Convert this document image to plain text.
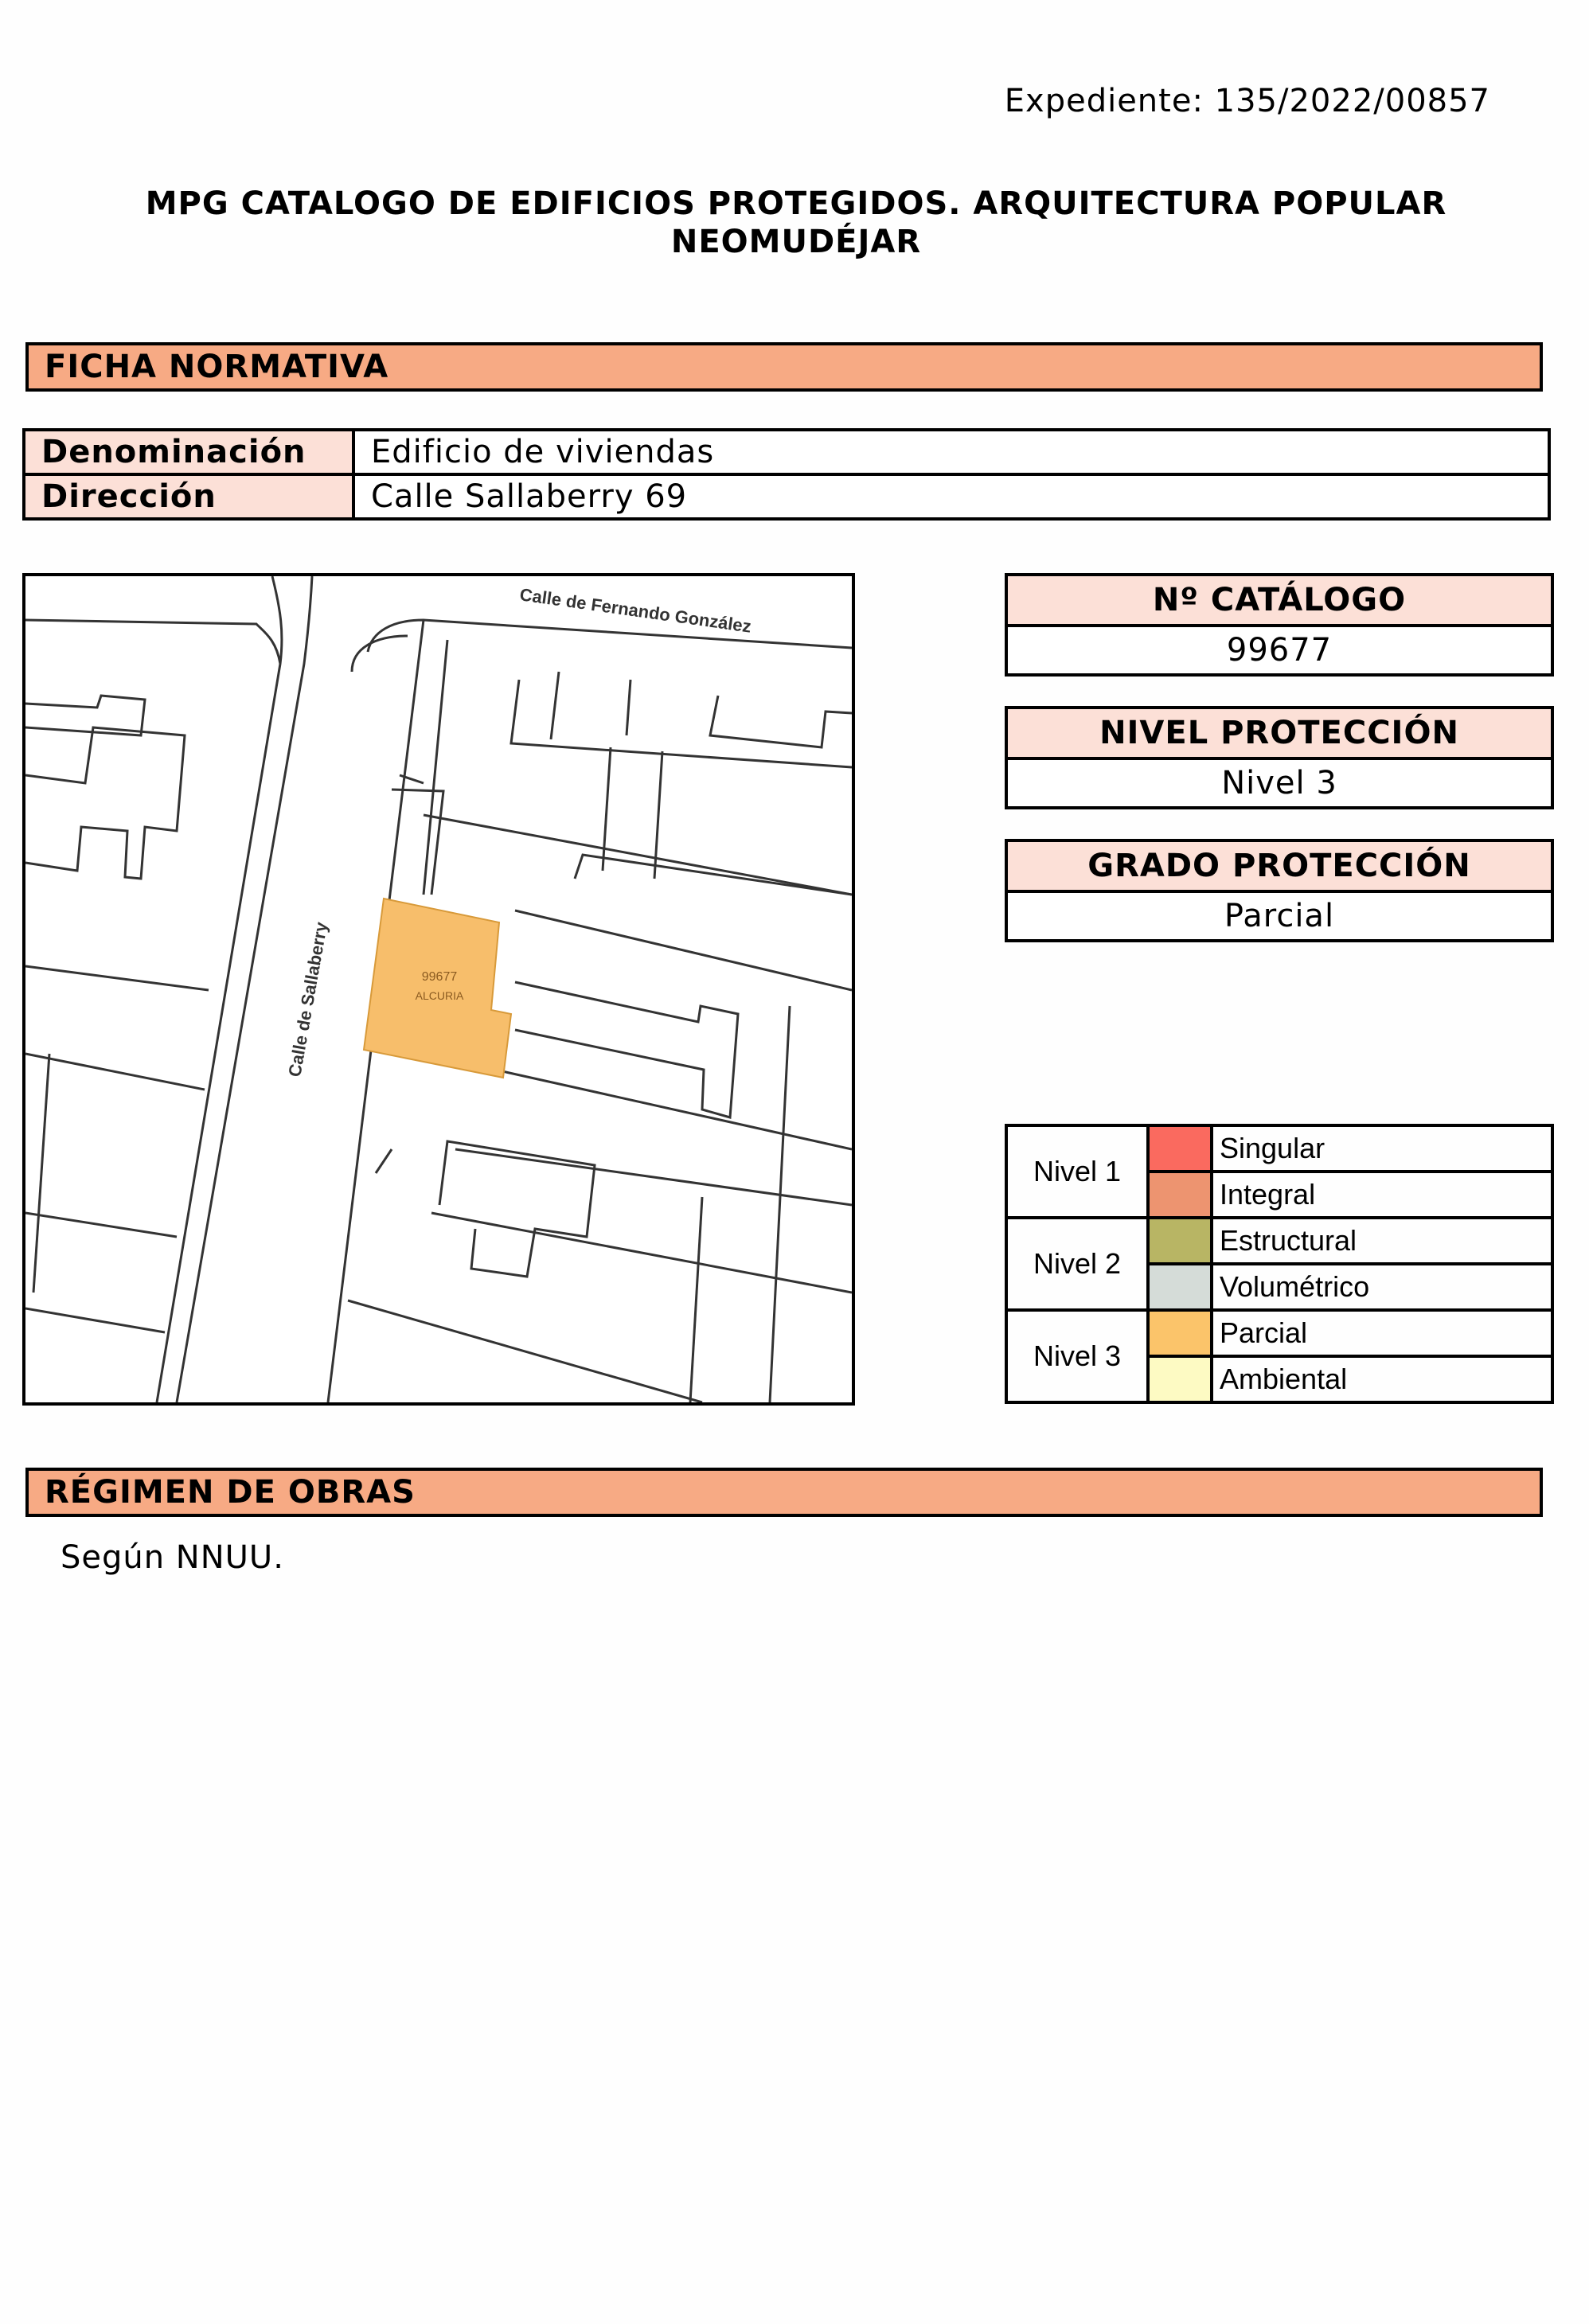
Expediente: 135/2022/00857
MPG CATALOGO DE EDIFICIOS PROTEGIDOS. ARQUITECTURA POPULAR
NEOMUDÉJAR
FICHA NORMATIVA
Denominación	Edificio de viviendas
Dirección	Calle Sallaberry 69
99677
ALCURIA
Calle de Fernando González
Calle de Sallaberry
Nº CATÁLOGO
99677
NIVEL PROTECCIÓN
Nivel 3
GRADO PROTECCIÓN
Parcial
Nivel 1		Singular
		Integral
Nivel 2		Estructural
		Volumétrico
Nivel 3		Parcial
		Ambiental
RÉGIMEN DE OBRAS
Según NNUU.
